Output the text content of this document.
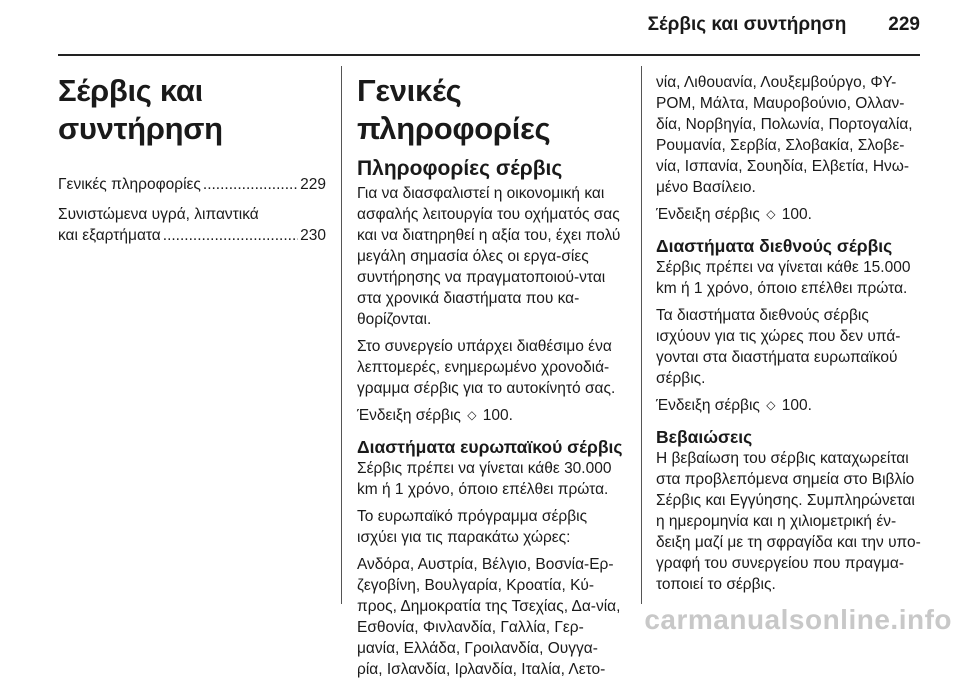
Σέρβις και συντήρηση 229
Σέρβις και συντήρηση
Γενικές πληροφορίες .....	229
Συνιστώμενα υγρά, λιπαντικά
και εξαρτήματα .....	230
Γενικές πληροφορίες
Πληροφορίες σέρβις

Για να διασφαλιστεί η οικονομική και ασφαλής λειτουργία του οχήματός σας και να διατηρηθεί η αξία του, έχει πολύ μεγάλη σημασία όλες οι εργα-σίες συντήρησης να πραγματοποιού-νται στα χρονικά διαστήματα που κα-θορίζονται.

Στο συνεργείο υπάρχει διαθέσιμο ένα λεπτομερές, ενημερωμένο χρονοδιά-γραμμα σέρβις για το αυτοκίνητό σας.

Ένδειξη σέρβις ◇ 100.

Διαστήματα ευρωπαϊκού σέρβις

Σέρβις πρέπει να γίνεται κάθε 30.000 km ή 1 χρόνο, όποιο επέλθει πρώτα.

Το ευρωπαϊκό πρόγραμμα σέρβις ισχύει για τις παρακάτω χώρες:

Ανδόρα, Αυστρία, Βέλγιο, Βοσνία-Ερ-ζεγοβίνη, Βουλγαρία, Κροατία, Κύ-προς, Δημοκρατία της Τσεχίας, Δα-νία, Εσθονία, Φινλανδία, Γαλλία, Γερ-μανία, Ελλάδα, Γροιλανδία, Ουγγα-ρία, Ισλανδία, Ιρλανδία, Ιταλία, Λετο-

νία, Λιθουανία, Λουξεμβούργο, ΦΥ-ΡΟΜ, Μάλτα, Μαυροβούνιο, Ολλαν-δία, Νορβηγία, Πολωνία, Πορτογαλία, Ρουμανία, Σερβία, Σλοβακία, Σλοβε-νία, Ισπανία, Σουηδία, Ελβετία, Ηνω-μένο Βασίλειο.

Ένδειξη σέρβις ◇ 100.

Διαστήματα διεθνούς σέρβις

Σέρβις πρέπει να γίνεται κάθε 15.000 km ή 1 χρόνο, όποιο επέλθει πρώτα.

Τα διαστήματα διεθνούς σέρβις ισχύουν για τις χώρες που δεν υπά-γονται στα διαστήματα ευρωπαϊκού σέρβις.

Ένδειξη σέρβις ◇ 100.

Βεβαιώσεις

Η βεβαίωση του σέρβις καταχωρείται στα προβλεπόμενα σημεία στο Βιβλίο Σέρβις και Εγγύησης. Συμπληρώνεται η ημερομηνία και η χιλιομετρική έν-δειξη μαζί με τη σφραγίδα και την υπο-γραφή του συνεργείου που πραγμα-τοποιεί το σέρβις.

carmanualsonline.info
